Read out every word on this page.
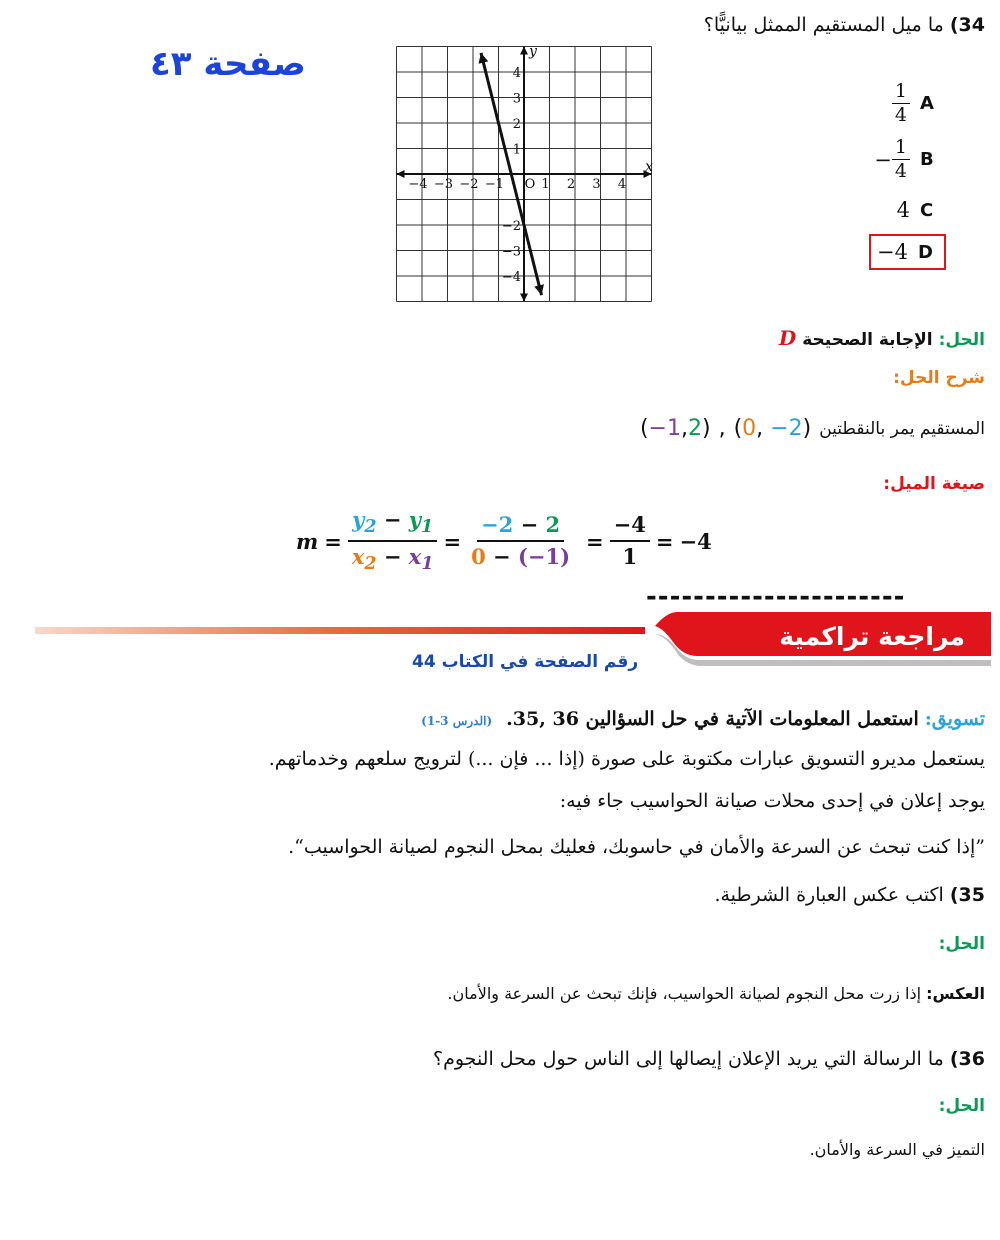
صفحة ٤٣
−4 −3 −2 −1 O 1 2 3 4
4
3
2
1
−2
−3
−4
x
y
34) ما ميل المستقيم الممثل بيانيًّا؟
$\frac{1}{4}$ A
− $\frac{1}{4}$ B
4 C
−4 D
الحل: الإجابة الصحيحة D
شرح الحل:
المستقيم يمر بالنقطتين
(0, −2)
,
(−1,2)
صيغة الميل:
$m = \frac{y_2 - y_1}{x_2 - x_1} = \frac{-2 - 2}{0 - (-1)} = \frac{-4}{1} = -4$
----------------------
مراجعة تراكمية
رقم الصفحة في الكتاب 44
تسويق: استعمل المعلومات الآتية في حل السؤالين 36 ,35. (الدرس 3-1)
يستعمل مديرو التسويق عبارات مكتوبة على صورة (إذا ... فإن ...) لترويج سلعهم وخدماتهم.
يوجد إعلان في إحدى محلات صيانة الحواسيب جاء فيه:
”إذا كنت تبحث عن السرعة والأمان في حاسوبك، فعليك بمحل النجوم لصيانة الحواسيب“.
35) اكتب عكس العبارة الشرطية.
الحل:
العكس: إذا زرت محل النجوم لصيانة الحواسيب، فإنك تبحث عن السرعة والأمان.
36) ما الرسالة التي يريد الإعلان إيصالها إلى الناس حول محل النجوم؟
الحل:
التميز في السرعة والأمان.
